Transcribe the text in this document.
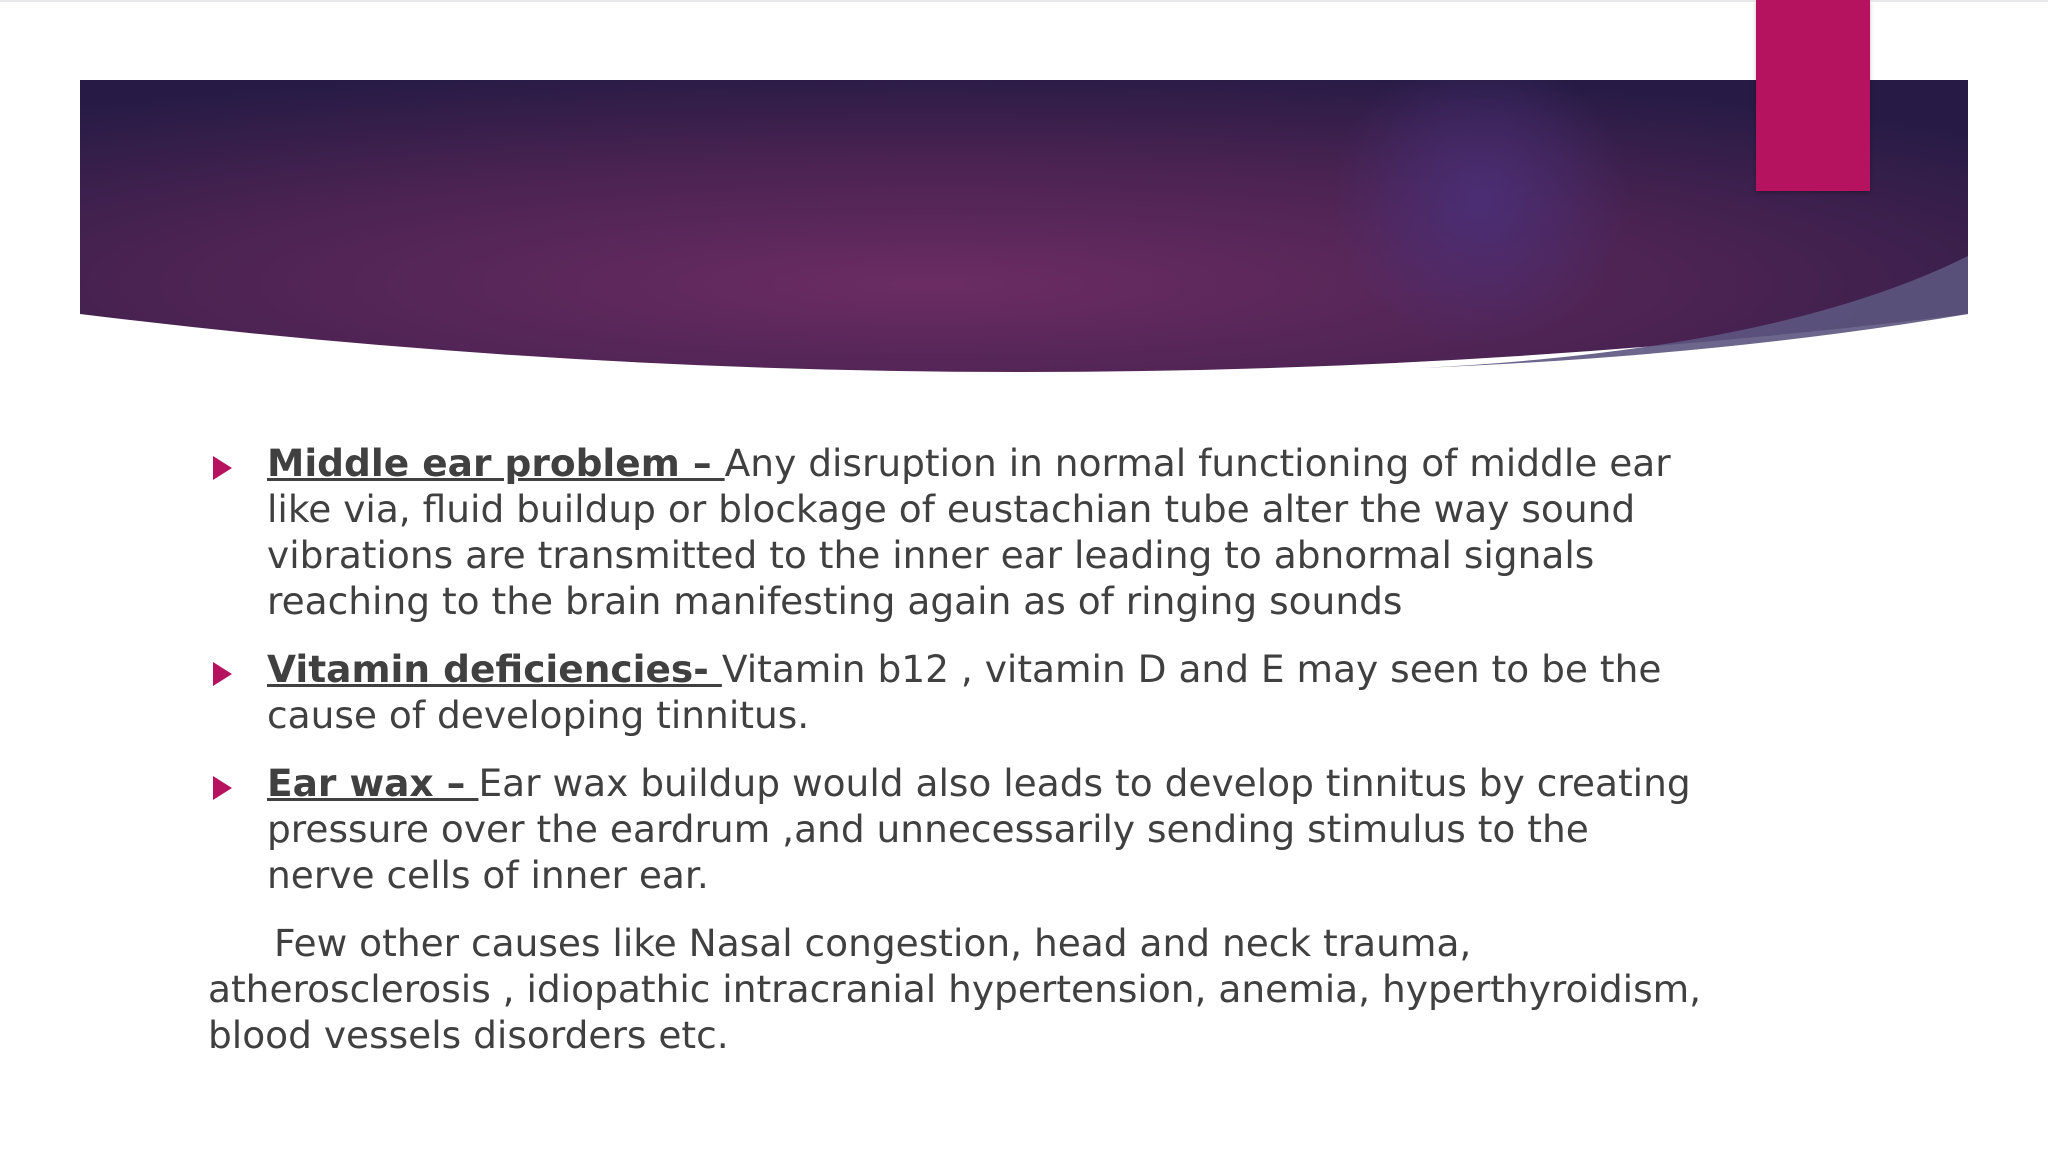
Middle ear problem – Any disruption in normal functioning of middle ear like via, fluid buildup or blockage of eustachian tube alter the way sound vibrations are transmitted to the inner ear leading to abnormal signals reaching to the brain manifesting again as of ringing sounds
Vitamin deficiencies- Vitamin b12 , vitamin D and E may seen to be the cause of developing tinnitus.
Ear wax – Ear wax buildup would also leads to develop tinnitus by creating pressure over the eardrum ,and unnecessarily sending stimulus to the nerve cells of inner ear.

Few other causes like Nasal congestion, head and neck trauma, atherosclerosis , idiopathic intracranial hypertension, anemia, hyperthyroidism, blood vessels disorders etc.
